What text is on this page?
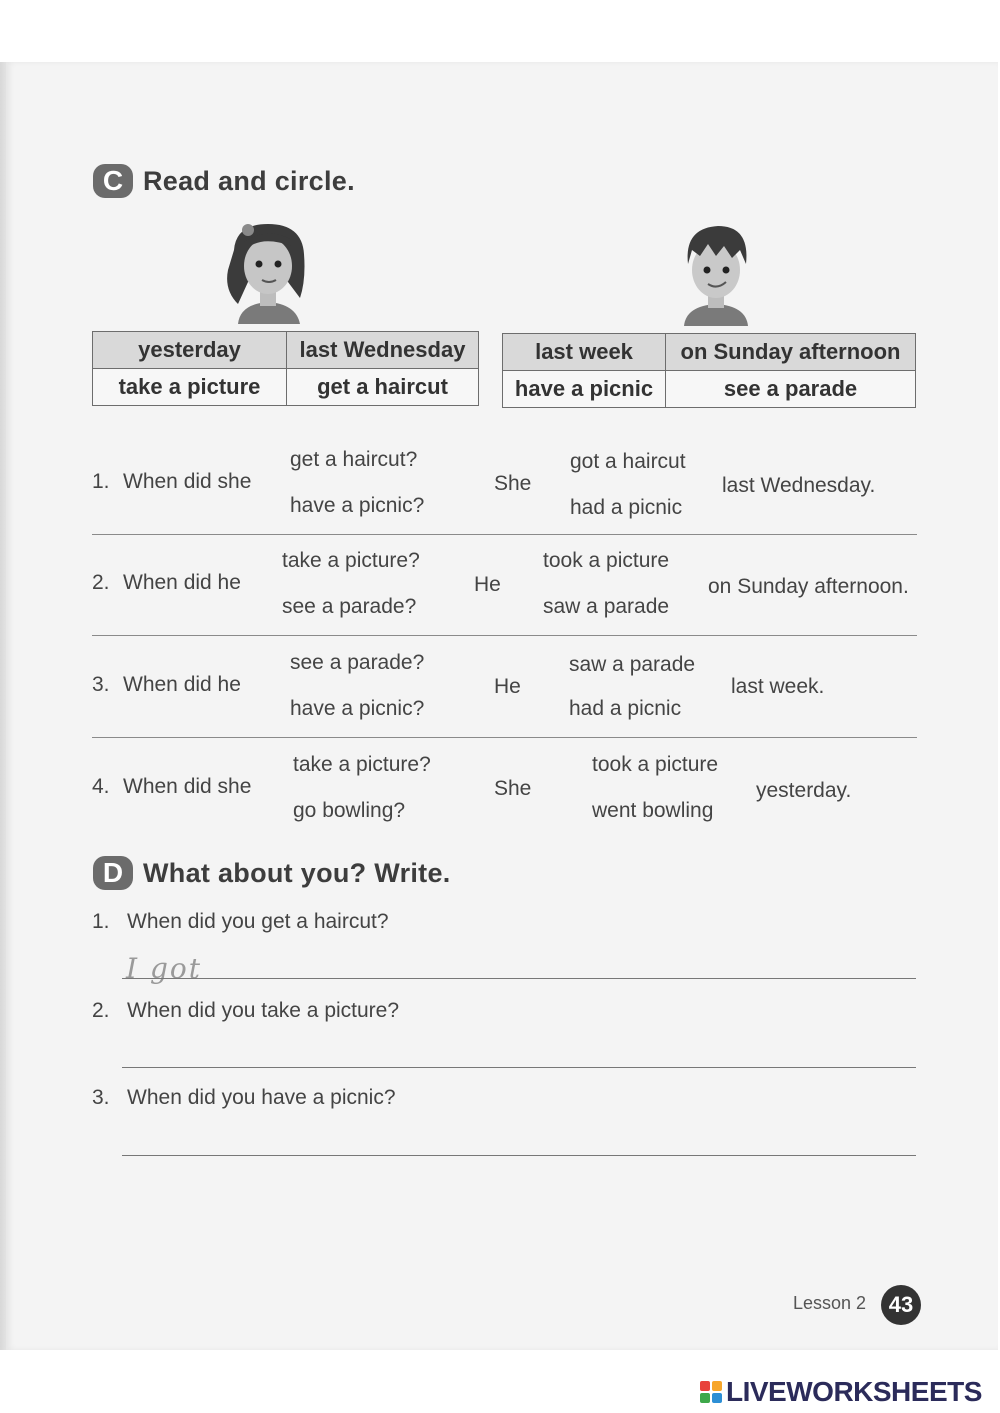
C Read and circle.
yesterday	last Wednesday
take a picture	get a haircut
last week	on Sunday afternoon
have a picnic	see a parade
1. When did she
get a haircut?
have a picnic?
She
got a haircut
had a picnic
last Wednesday.
2. When did he
take a picture?
see a parade?
He
took a picture
saw a parade
on Sunday afternoon.
3. When did he
see a parade?
have a picnic?
He
saw a parade
had a picnic
last week.
4. When did she
take a picture?
go bowling?
She
took a picture
went bowling
yesterday.
D What about you? Write.
1. When did you get a haircut?
I got
2. When did you take a picture?
3. When did you have a picnic?
Lesson 2	43
LIVEWORKSHEETS
